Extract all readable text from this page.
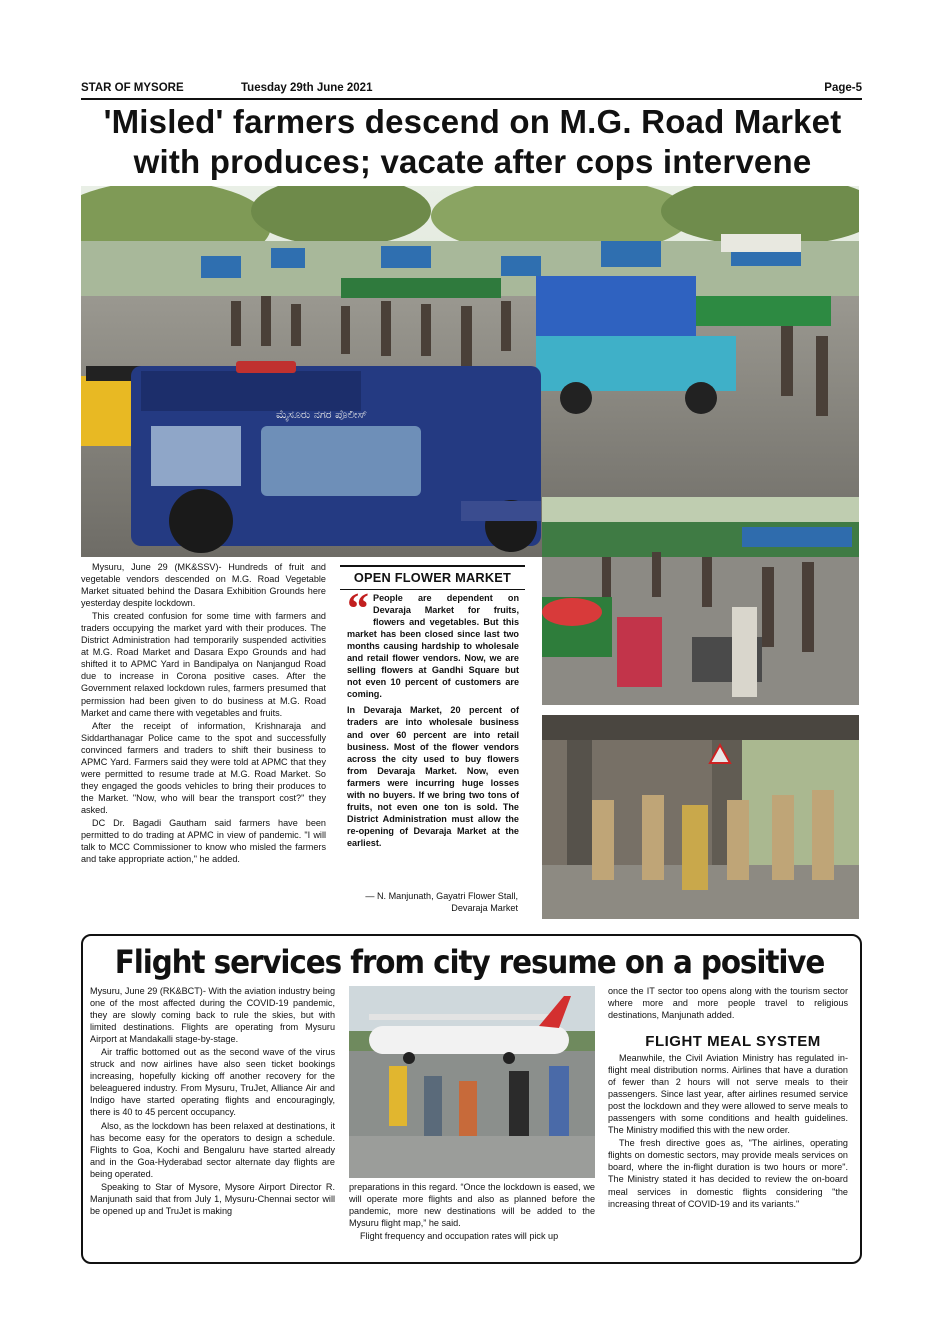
STAR OF MYSORE	Tuesday 29th June 2021	Page-5
'Misled' farmers descend on M.G. Road Market
with produces; vacate after cops intervene
ಮೈಸೂರು ನಗರ ಪೊಲೀಸ್

Mysuru, June 29 (MK&SSV)- Hundreds of fruit and vegetable vendors descended on M.G. Road Vegetable Market situated behind the Dasara Exhibition Grounds here yesterday despite lockdown.

This created confusion for some time with farmers and traders occupying the market yard with their produces. The District Administration had temporarily suspended activities at M.G. Road Market and Dasara Expo Grounds and had shifted it to APMC Yard in Bandipalya on Nanjangud Road due to increase in Corona positive cases. After the Government relaxed lockdown rules, farmers presumed that permission had been given to do business at M.G. Road Market and came there with vegetables and fruits.

After the receipt of information, Krishnaraja and Siddarthanagar Police came to the spot and successfully convinced farmers and traders to shift their business to APMC Yard. Farmers said they were told at APMC that they were permitted to resume trade at M.G. Road Market. So they engaged the goods vehicles to bring their produces to the Market. "Now, who will bear the transport cost?" they asked.

DC Dr. Bagadi Gautham said farmers have been permitted to do trading at APMC in view of pandemic. "I will talk to MCC Commissioner to know who misled the farmers and take appropriate action," he added.

OPEN FLOWER MARKET

“ People are dependent on Devaraja Market for fruits, flowers and vegetables. But this market has been closed since last two months causing hardship to wholesale and retail flower vendors. Now, we are selling flowers at Gandhi Square but not even 10 percent of customers are coming.

In Devaraja Market, 20 percent of traders are into wholesale business and over 60 percent are into retail business. Most of the flower vendors across the city used to buy flowers from Devaraja Market. Now, even farmers were incurring huge losses with no buyers. If we bring two tons of fruits, not even one ton is sold. The District Administration must allow the re-opening of Devaraja Market at the earliest.

— N. Manjunath, Gayatri Flower Stall, Devaraja Market
Flight services from city resume on a positive

Mysuru, June 29 (RK&BCT)- With the aviation industry being one of the most affected during the COVID-19 pandemic, they are slowly coming back to rule the skies, but with limited destinations. Flights are operating from Mysuru Airport at Mandakalli stage-by-stage.

Air traffic bottomed out as the second wave of the virus struck and now airlines have also seen ticket bookings increasing, hopefully kicking off another recovery for the beleaguered industry. From Mysuru, TruJet, Alliance Air and Indigo have started operating flights and encouragingly, there is 40 to 45 percent occupancy.

Also, as the lockdown has been relaxed at destinations, it has become easy for the operators to design a schedule. Flights to Goa, Kochi and Bengaluru have started already and in the Goa-Hyderabad sector alternate day flights are being operated.

Speaking to Star of Mysore, Mysore Airport Director R. Manjunath said that from July 1, Mysuru-Chennai sector will be opened up and TruJet is making

preparations in this regard. “Once the lockdown is eased, we will operate more flights and also as planned before the pandemic, more new destinations will be added to the Mysuru flight map,” he said.

Flight frequency and occupation rates will pick up

once the IT sector too opens along with the tourism sector where more and more people travel to religious destinations, Manjunath added.

FLIGHT MEAL SYSTEM

Meanwhile, the Civil Aviation Ministry has regulated in-flight meal distribution norms. Airlines that have a duration of fewer than 2 hours will not serve meals to their passengers. Since last year, after airlines resumed service post the lockdown and they were allowed to serve meals to passengers with some conditions and health guidelines. The Ministry modified this with the new order.

The fresh directive goes as, "The airlines, operating flights on domestic sectors, may provide meals services on board, where the in-flight duration is two hours or more". The Ministry stated it has decided to review the on-board meal services in domestic flights considering "the increasing threat of COVID-19 and its variants."
